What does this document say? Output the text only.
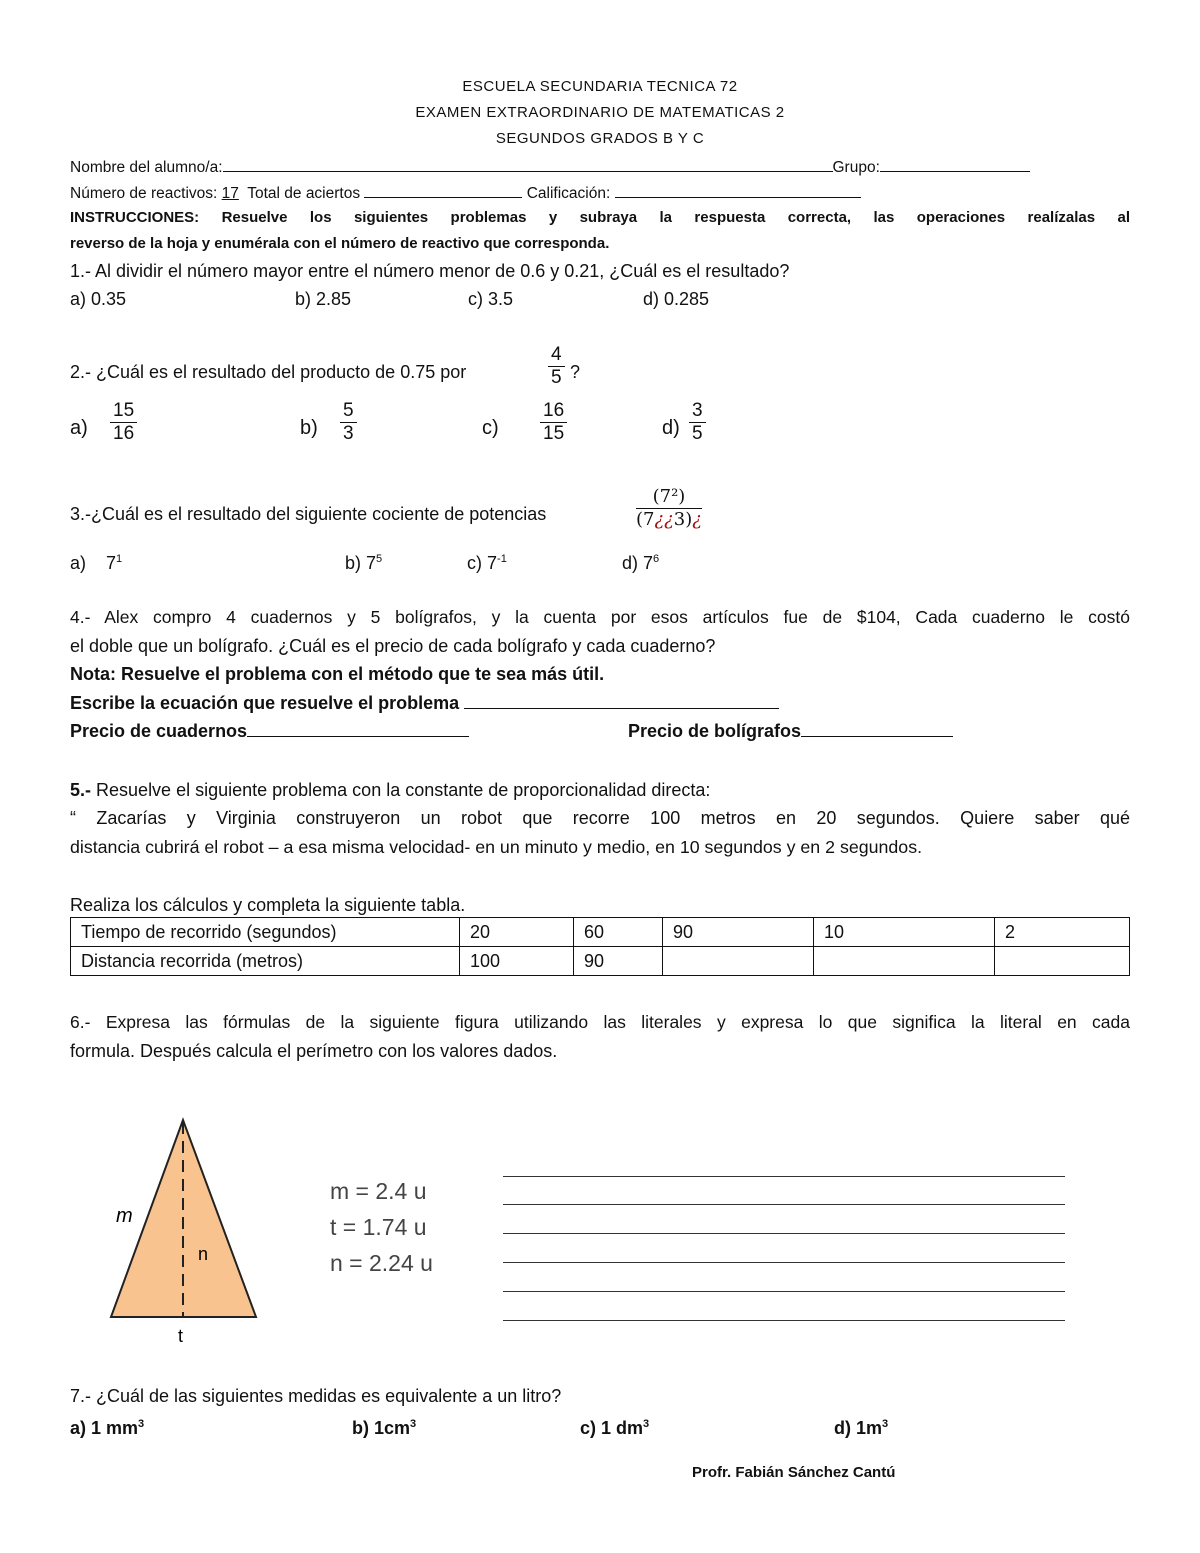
ESCUELA SECUNDARIA TECNICA 72
EXAMEN EXTRAORDINARIO DE MATEMATICAS 2
SEGUNDOS GRADOS B Y C
Nombre del alumno/a:	Grupo:
Número de reactivos: 17 Total de aciertos	Calificación:
INSTRUCCIONES: Resuelve los siguientes problemas y subraya la respuesta correcta, las operaciones realízalas al
reverso de la hoja y enumérala con el número de reactivo que corresponda.
1.- Al dividir el número mayor entre el número menor de 0.6 y 0.21, ¿Cuál es el resultado?
a) 0.35	b) 2.85	c) 3.5	d) 0.285
2.- ¿Cuál es el resultado del producto de 0.75 por	$\frac{4}{5}$ ?
$a) \frac{15}{16}$	$b) \frac{5}{3}$	$c) \frac{16}{15}$	$d) \frac{3}{5}$
3.-¿Cuál es el resultado del siguiente cociente de potencias	$\frac{\text{(7²)}}{(7¿¿3)¿}$
a) $7^1$	b) $7^5$	c) $7^{-1}$	d) $7^6$
4.- Alex compro 4 cuadernos y 5 bolígrafos, y la cuenta por esos artículos fue de $104, Cada cuaderno le costó
el doble que un bolígrafo. ¿Cuál es el precio de cada bolígrafo y cada cuaderno?
Nota: Resuelve el problema con el método que te sea más útil.
Escribe la ecuación que resuelve el problema
Precio de cuadernos	Precio de bolígrafos
5.- Resuelve el siguiente problema con la constante de proporcionalidad directa:
“ Zacarías y Virginia construyeron un robot que recorre 100 metros en 20 segundos. Quiere saber qué
distancia cubrirá el robot – a esa misma velocidad- en un minuto y medio, en 10 segundos y en 2 segundos.
Realiza los cálculos y completa la siguiente tabla.
Tiempo de recorrido (segundos)	20	60	90	10	2
Distancia recorrida (metros)	100	90			
6.- Expresa las fórmulas de la siguiente figura utilizando las literales y expresa lo que significa la literal en cada
formula. Después calcula el perímetro con los valores dados.
m
n
t
m = 2.4 u
t = 1.74 u
n = 2.24 u
7.- ¿Cuál de las siguientes medidas es equivalente a un litro?
a) 1 $mm^3$	b) $1cm^3$	c) 1 $dm^3$	d) $1m^3$
Profr. Fabián Sánchez Cantú
